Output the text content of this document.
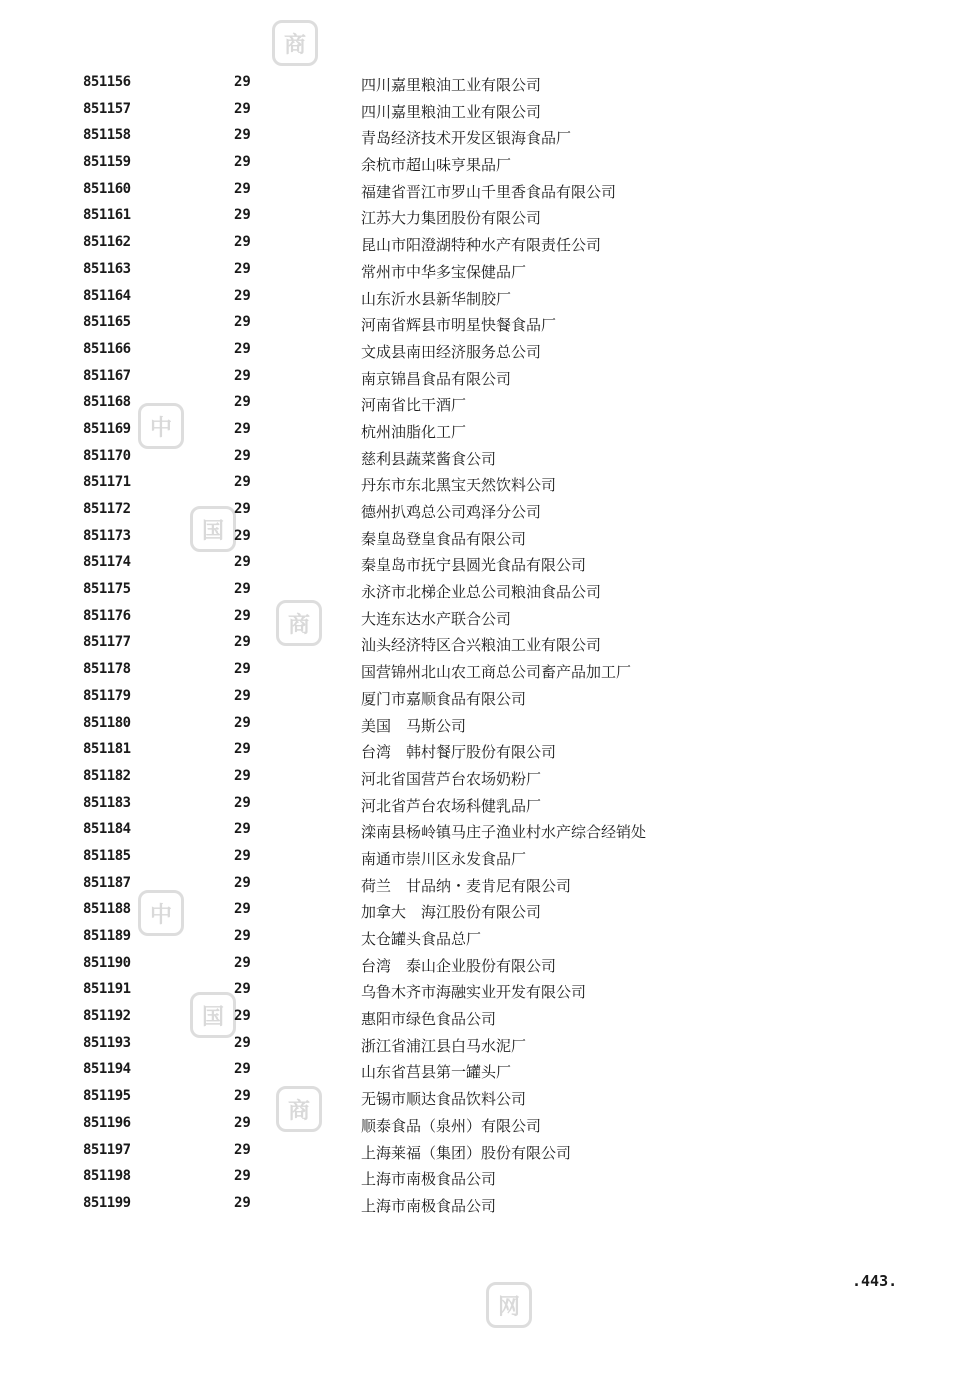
商
中
国
商
中
国
商
网
851156	29	四川嘉里粮油工业有限公司
851157	29	四川嘉里粮油工业有限公司
851158	29	青岛经济技术开发区银海食品厂
851159	29	余杭市超山味亨果品厂
851160	29	福建省晋江市罗山千里香食品有限公司
851161	29	江苏大力集团股份有限公司
851162	29	昆山市阳澄湖特种水产有限责任公司
851163	29	常州市中华多宝保健品厂
851164	29	山东沂水县新华制胶厂
851165	29	河南省辉县市明星快餐食品厂
851166	29	文成县南田经济服务总公司
851167	29	南京锦昌食品有限公司
851168	29	河南省比干酒厂
851169	29	杭州油脂化工厂
851170	29	慈利县蔬菜酱食公司
851171	29	丹东市东北黑宝天然饮料公司
851172	29	德州扒鸡总公司鸡泽分公司
851173	29	秦皇岛登皇食品有限公司
851174	29	秦皇岛市抚宁县圆光食品有限公司
851175	29	永济市北梯企业总公司粮油食品公司
851176	29	大连东达水产联合公司
851177	29	汕头经济特区合兴粮油工业有限公司
851178	29	国营锦州北山农工商总公司畜产品加工厂
851179	29	厦门市嘉顺食品有限公司
851180	29	美国　马斯公司
851181	29	台湾　韩村餐厅股份有限公司
851182	29	河北省国营芦台农场奶粉厂
851183	29	河北省芦台农场科健乳品厂
851184	29	滦南县杨岭镇马庄子渔业村水产综合经销处
851185	29	南通市崇川区永发食品厂
851187	29	荷兰　甘品纳・麦肯尼有限公司
851188	29	加拿大　海江股份有限公司
851189	29	太仓罐头食品总厂
851190	29	台湾　泰山企业股份有限公司
851191	29	乌鲁木齐市海融实业开发有限公司
851192	29	惠阳市绿色食品公司
851193	29	浙江省浦江县白马水泥厂
851194	29	山东省莒县第一罐头厂
851195	29	无锡市顺达食品饮料公司
851196	29	顺泰食品（泉州）有限公司
851197	29	上海莱福（集团）股份有限公司
851198	29	上海市南极食品公司
851199	29	上海市南极食品公司
.443.
